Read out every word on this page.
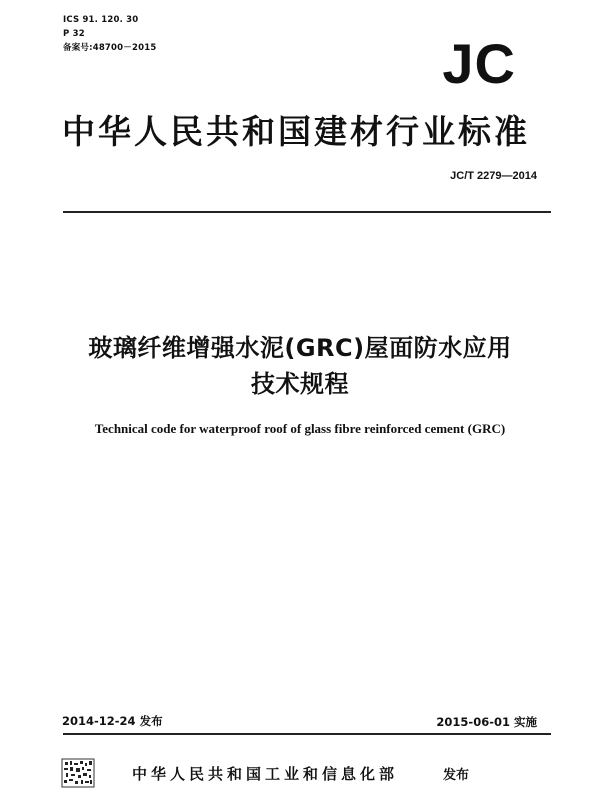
ICS 91. 120. 30
P 32
备案号:48700－2015	JC
中华人民共和国建材行业标准
JC/T 2279—2014
玻璃纤维增强水泥(GRC)屋面防水应用
技术规程
Technical code for waterproof roof of glass fibre reinforced cement (GRC)
2014-12-24 发布	2015-06-01 实施
中华人民共和国工业和信息化部	发布
